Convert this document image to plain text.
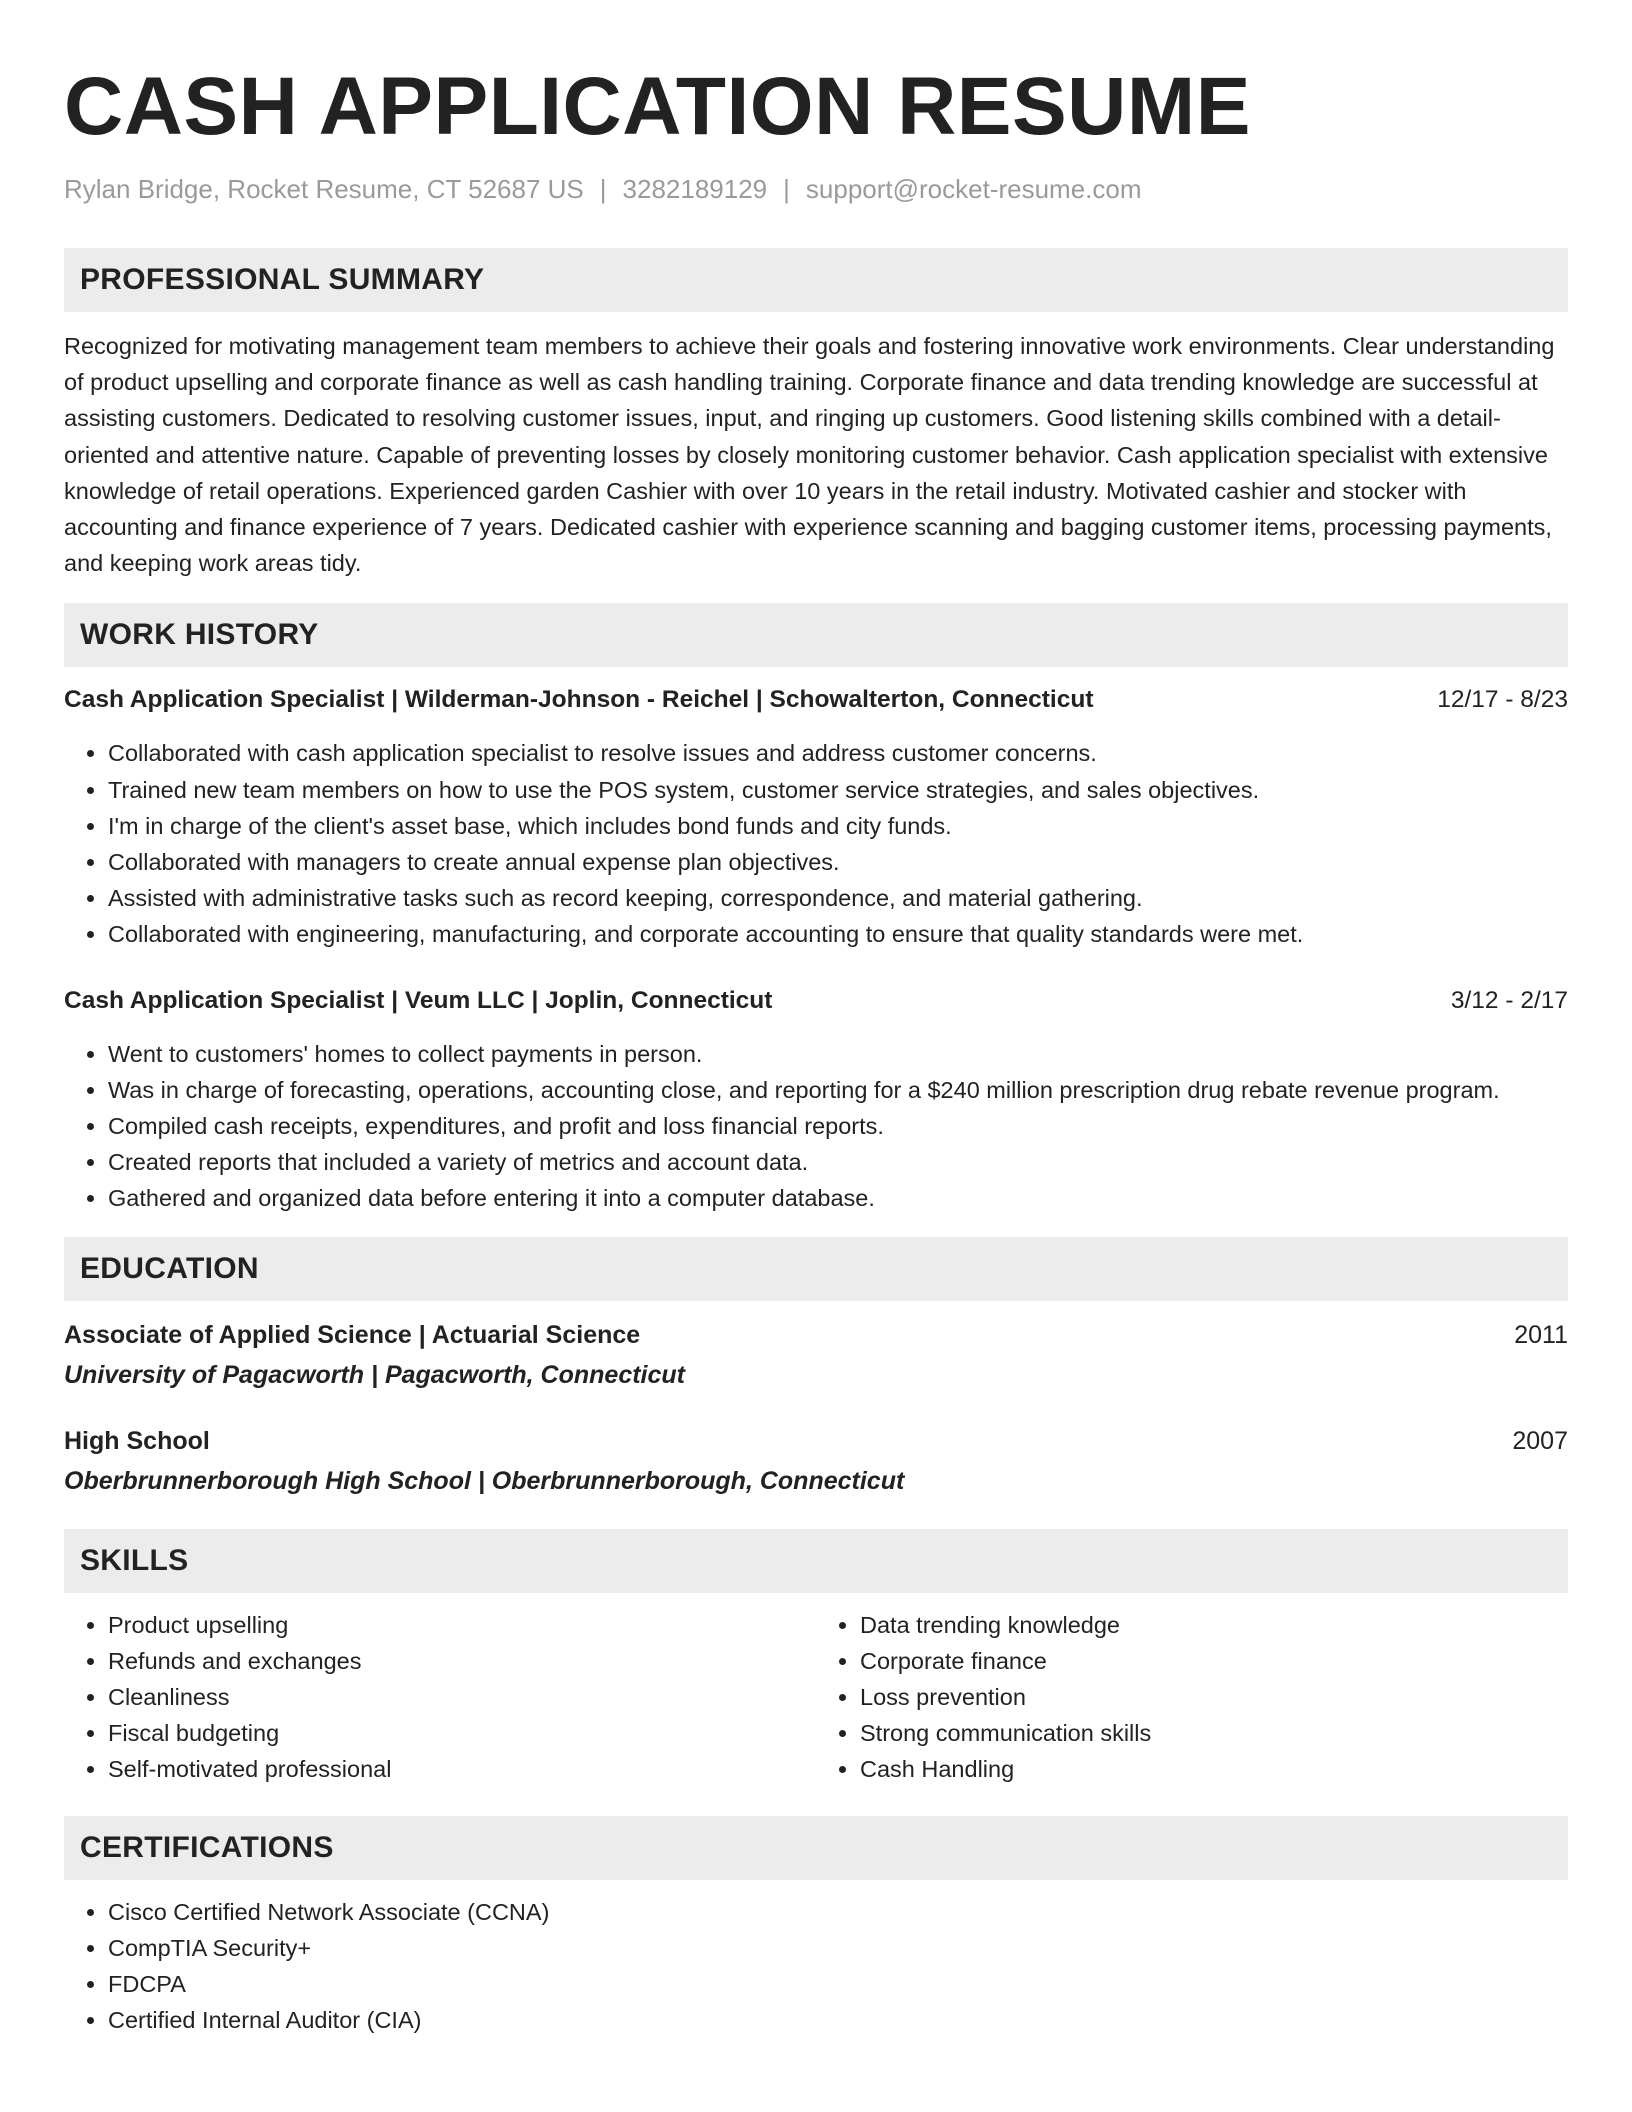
CASH APPLICATION RESUME
Rylan Bridge, Rocket Resume, CT 52687 US | 3282189129 | support@rocket-resume.com
PROFESSIONAL SUMMARY

Recognized for motivating management team members to achieve their goals and fostering innovative work environments. Clear understanding of product upselling and corporate finance as well as cash handling training. Corporate finance and data trending knowledge are successful at assisting customers. Dedicated to resolving customer issues, input, and ringing up customers. Good listening skills combined with a detail-oriented and attentive nature. Capable of preventing losses by closely monitoring customer behavior. Cash application specialist with extensive knowledge of retail operations. Experienced garden Cashier with over 10 years in the retail industry. Motivated cashier and stocker with accounting and finance experience of 7 years. Dedicated cashier with experience scanning and bagging customer items, processing payments, and keeping work areas tidy.

WORK HISTORY
Cash Application Specialist | Wilderman-Johnson - Reichel | Schowalterton, Connecticut	12/17 - 8/23
• Collaborated with cash application specialist to resolve issues and address customer concerns.
• Trained new team members on how to use the POS system, customer service strategies, and sales objectives.
• I'm in charge of the client's asset base, which includes bond funds and city funds.
• Collaborated with managers to create annual expense plan objectives.
• Assisted with administrative tasks such as record keeping, correspondence, and material gathering.
• Collaborated with engineering, manufacturing, and corporate accounting to ensure that quality standards were met.
Cash Application Specialist | Veum LLC | Joplin, Connecticut	3/12 - 2/17
• Went to customers' homes to collect payments in person.
• Was in charge of forecasting, operations, accounting close, and reporting for a $240 million prescription drug rebate revenue program.
• Compiled cash receipts, expenditures, and profit and loss financial reports.
• Created reports that included a variety of metrics and account data.
• Gathered and organized data before entering it into a computer database.
EDUCATION
Associate of Applied Science | Actuarial Science	2011
University of Pagacworth | Pagacworth, Connecticut
High School	2007
Oberbrunnerborough High School | Oberbrunnerborough, Connecticut
SKILLS
• Product upselling
• Refunds and exchanges
• Cleanliness
• Fiscal budgeting
• Self-motivated professional
• Data trending knowledge
• Corporate finance
• Loss prevention
• Strong communication skills
• Cash Handling
CERTIFICATIONS
• Cisco Certified Network Associate (CCNA)
• CompTIA Security+
• FDCPA
• Certified Internal Auditor (CIA)
